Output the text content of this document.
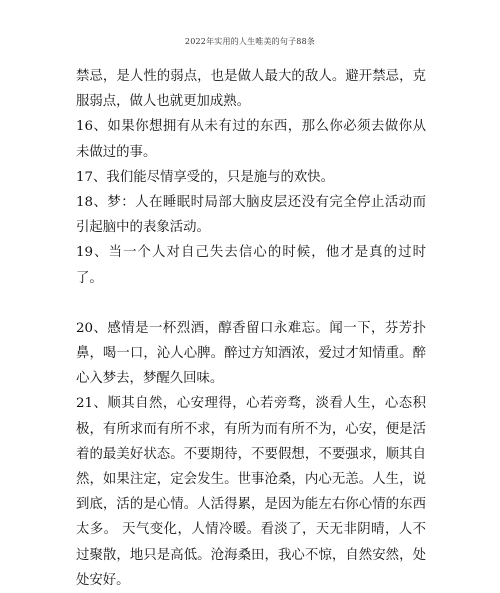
2022年实用的人生唯美的句子88条

禁忌，是人性的弱点，也是做人最大的敌人。避开禁忌，克服弱点，做人也就更加成熟。

16、如果你想拥有从未有过的东西，那么你必须去做你从未做过的事。

17、我们能尽情享受的，只是施与的欢快。

18、梦：人在睡眠时局部大脑皮层还没有完全停止活动而引起脑中的表象活动。

19、当一个人对自己失去信心的时候，他才是真的过时了。

20、感情是一杯烈酒，醇香留口永难忘。闻一下，芬芳扑鼻，喝一口，沁人心脾。醉过方知酒浓，爱过才知情重。醉心入梦去，梦醒久回味。

21、顺其自然，心安理得，心若旁骛，淡看人生，心态积极，有所求而有所不求，有所为而有所不为，心安，便是活着的最美好状态。不要期待，不要假想，不要强求，顺其自然，如果注定，定会发生。世事沧桑，内心无恙。人生，说到底，活的是心情。人活得累，是因为能左右你心情的东西太多。 天气变化，人情冷暖。看淡了，天无非阴晴，人不过聚散，地只是高低。沧海桑田，我心不惊，自然安然，处处安好。
